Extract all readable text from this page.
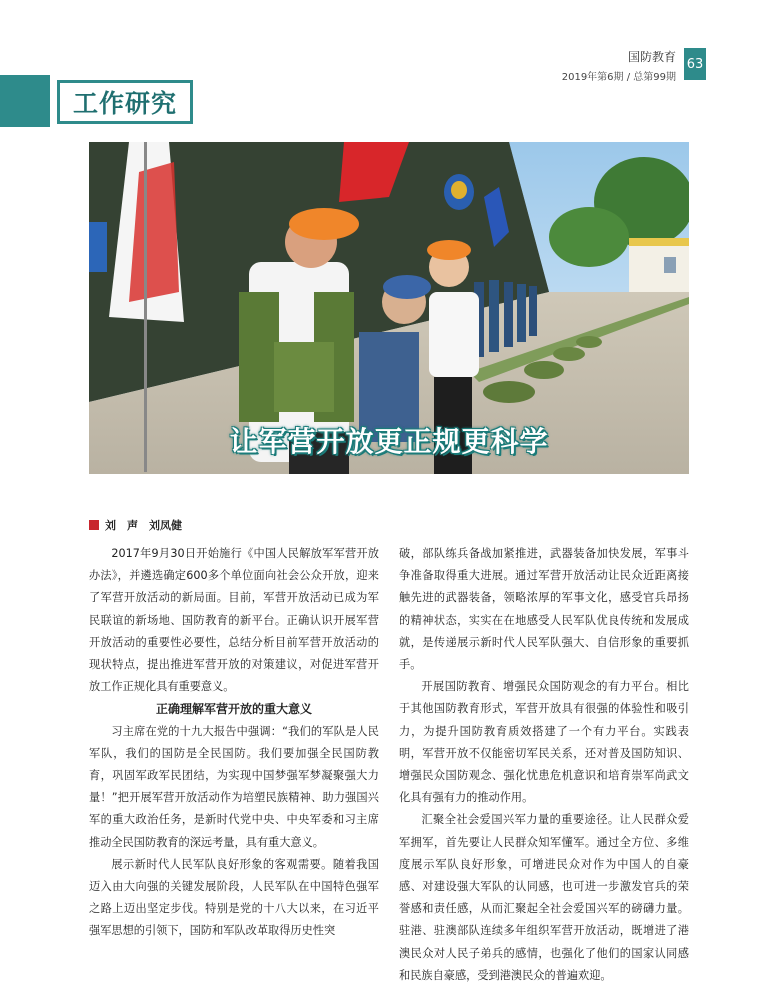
工作研究
国防教育
2019年第6期 / 总第99期
63
让军营开放更正规更科学
刘　声　刘凤健

2017年9月30日开始施行《中国人民解放军军营开放办法》，并遴选确定600多个单位面向社会公众开放，迎来了军营开放活动的新局面。目前，军营开放活动已成为军民联谊的新场地、国防教育的新平台。正确认识开展军营开放活动的重要性必要性，总结分析目前军营开放活动的现状特点，提出推进军营开放的对策建议，对促进军营开放工作正规化具有重要意义。

正确理解军营开放的重大意义

习主席在党的十九大报告中强调：“我们的军队是人民军队，我们的国防是全民国防。我们要加强全民国防教育，巩固军政军民团结，为实现中国梦强军梦凝聚强大力量！”把开展军营开放活动作为培塑民族精神、助力强国兴军的重大政治任务，是新时代党中央、中央军委和习主席推动全民国防教育的深远考量，具有重大意义。

展示新时代人民军队良好形象的客观需要。随着我国迈入由大向强的关键发展阶段，人民军队在中国特色强军之路上迈出坚定步伐。特别是党的十八大以来，在习近平强军思想的引领下，国防和军队改革取得历史性突

破，部队练兵备战加紧推进，武器装备加快发展，军事斗争准备取得重大进展。通过军营开放活动让民众近距离接触先进的武器装备，领略浓厚的军事文化，感受官兵昂扬的精神状态，实实在在地感受人民军队优良传统和发展成就，是传递展示新时代人民军队强大、自信形象的重要抓手。

开展国防教育、增强民众国防观念的有力平台。相比于其他国防教育形式，军营开放具有很强的体验性和吸引力，为提升国防教育质效搭建了一个有力平台。实践表明，军营开放不仅能密切军民关系，还对普及国防知识、增强民众国防观念、强化忧患危机意识和培育崇军尚武文化具有强有力的推动作用。

汇聚全社会爱国兴军力量的重要途径。让人民群众爱军拥军，首先要让人民群众知军懂军。通过全方位、多维度展示军队良好形象，可增进民众对作为中国人的自豪感、对建设强大军队的认同感，也可进一步激发官兵的荣誉感和责任感，从而汇聚起全社会爱国兴军的磅礴力量。驻港、驻澳部队连续多年组织军营开放活动，既增进了港澳民众对人民子弟兵的感情，也强化了他们的国家认同感和民族自豪感，受到港澳民众的普遍欢迎。
